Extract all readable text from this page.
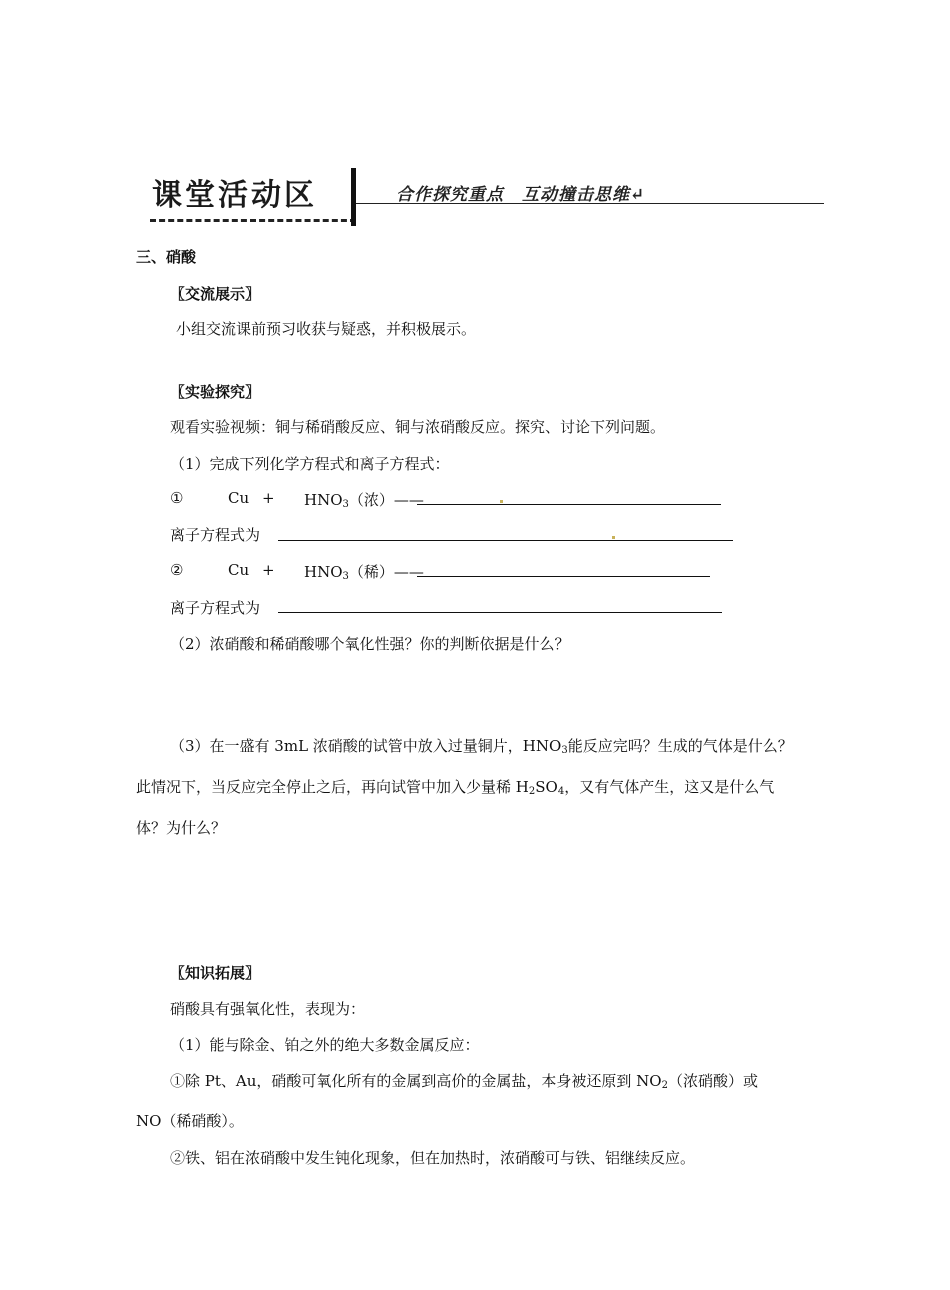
课堂活动区	合作探究重点　互动撞击思维↵
三、硝酸
〖交流展示〗
小组交流课前预习收获与疑惑，并积极展示。
〖实验探究〗
观看实验视频：铜与稀硝酸反应、铜与浓硝酸反应。探究、讨论下列问题。
（1）完成下列化学方程式和离子方程式：
①	$Cu + HNO_3$（浓）——
离子方程式为
②	$Cu + HNO_3$（稀）——
离子方程式为
（2）浓硝酸和稀硝酸哪个氧化性强？你的判断依据是什么？
（3）在一盛有 3mL 浓硝酸的试管中放入过量铜片，$HNO_3$能反应完吗？生成的气体是什么？
此情况下，当反应完全停止之后，再向试管中加入少量稀 $H_2SO_4$，又有气体产生，这又是什么气
体？为什么？
〖知识拓展〗
硝酸具有强氧化性，表现为：
（1）能与除金、铂之外的绝大多数金属反应：
①除 Pt、Au，硝酸可氧化所有的金属到高价的金属盐，本身被还原到 $NO_2$（浓硝酸）或
NO（稀硝酸）。
②铁、铝在浓硝酸中发生钝化现象，但在加热时，浓硝酸可与铁、铝继续反应。
